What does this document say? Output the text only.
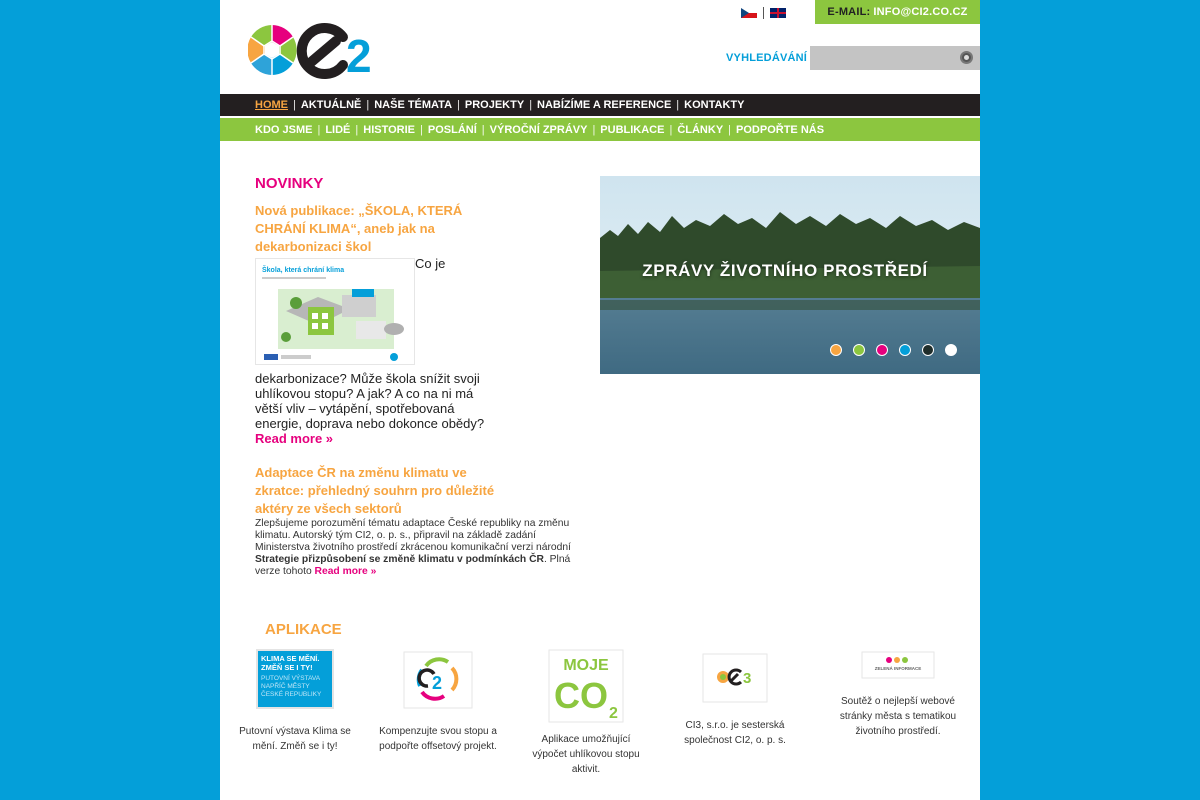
2
E-MAIL: INFO@CI2.CO.CZ
VYHLEDÁVÁNÍ
HOME | AKTUÁLNĚ | NAŠE TÉMATA | PROJEKTY | NABÍZÍME A REFERENCE | KONTAKTY
KDO JSME | LIDÉ | HISTORIE | POSLÁNÍ | VÝROČNÍ ZPRÁVY | PUBLIKACE | ČLÁNKY | PODPOŘTE NÁS
NOVINKY
Nová publikace: „ŠKOLA, KTERÁ CHRÁNÍ KLIMA“, aneb jak na dekarbonizaci škol
Škola, která chrání klima	Co je
dekarbonizace? Může škola snížit svoji uhlíkovou stopu? A jak? A co na ni má větší vliv – vytápění, spotřebovaná energie, doprava nebo dokonce obědy? Read more »
Adaptace ČR na změnu klimatu ve zkratce: přehledný souhrn pro důležité aktéry ze všech sektorů
Zlepšujeme porozumění tématu adaptace České republiky na změnu klimatu. Autorský tým CI2, o. p. s., připravil na základě zadání Ministerstva životního prostředí zkrácenou komunikační verzi národní Strategie přizpůsobení se změně klimatu v podmínkách ČR. Plná verze tohoto Read more »
ZPRÁVY ŽIVOTNÍHO PROSTŘEDÍ
APLIKACE
KLIMA SE MĚNÍ.
ZMĚŇ SE I TY!
PUTOVNÍ VÝSTAVA
NAPŘÍČ MĚSTY
ČESKÉ REPUBLIKY
Putovní výstava Klima se mění. Změň se i ty!
2
Kompenzujte svou stopu a podpořte offsetový projekt.
MOJE
CO 2
Aplikace umožňující výpočet uhlíkovou stopu aktivit.
3
CI3, s.r.o. je sesterská společnost CI2, o. p. s.
ZELENÁ INFORMACE
Soutěž o nejlepší webové stránky města s tematikou životního prostředí.
